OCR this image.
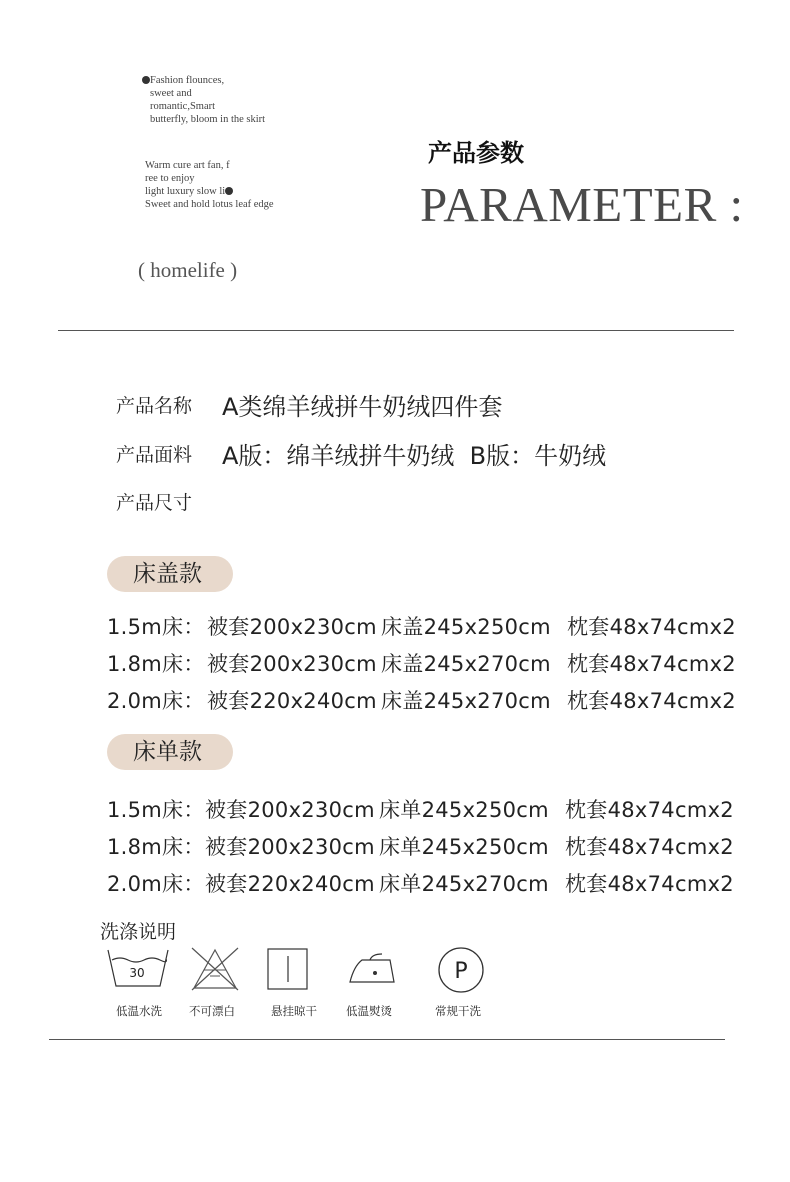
Fashion flounces,
sweet and
romantic,Smart
butterfly, bloom in the skirt
Warm cure art fan, f
ree to enjoy
light luxury slow li
Sweet and hold lotus leaf edge
产品参数
PARAMETER :
( homelife )
产品名称 A类绵羊绒拼牛奶绒四件套
产品面料 A版：绵羊绒拼牛奶绒  B版：牛奶绒
产品尺寸
床盖款
1.5m床： 被套200x230cm 床盖245x250cm 枕套48x74cmx2
1.8m床： 被套200x230cm 床盖245x270cm 枕套48x74cmx2
2.0m床： 被套220x240cm 床盖245x270cm 枕套48x74cmx2
床单款
1.5m床：被套200x230cm 床单245x250cm 枕套48x74cmx2
1.8m床：被套200x230cm 床单245x250cm 枕套48x74cmx2
2.0m床：被套220x240cm 床单245x270cm 枕套48x74cmx2
洗涤说明
30
低温水洗 不可漂白	悬挂晾干	低温熨烫
P
常规干洗
